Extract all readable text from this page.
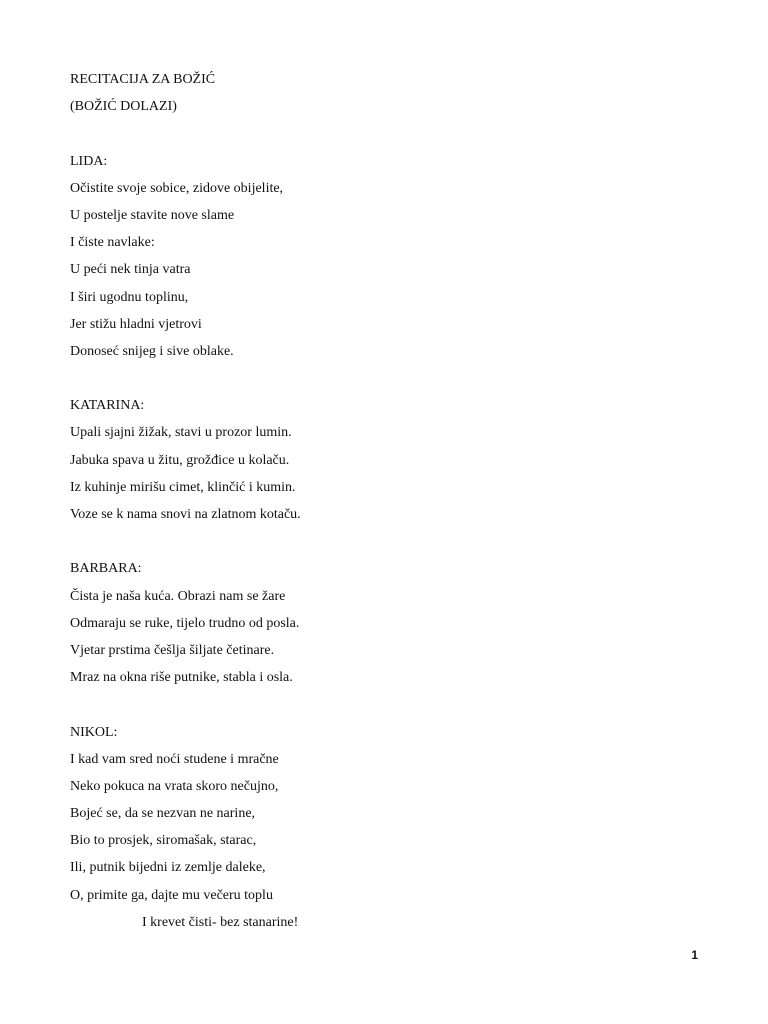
RECITACIJA ZA BOŽIĆ
(BOŽIĆ DOLAZI)
LIDA:
Očistite svoje sobice, zidove obijelite,
U postelje stavite nove slame
I čiste navlake:
U peći nek tinja vatra
I širi ugodnu toplinu,
Jer stižu hladni vjetrovi
Donoseć snijeg i sive oblake.
KATARINA:
Upali sjajni žižak, stavi u prozor lumin.
Jabuka spava u žitu, grožđice u kolaču.
Iz kuhinje mirišu cimet, klinčić i kumin.
Voze se k nama snovi na zlatnom kotaču.
BARBARA:
Čista je naša kuća. Obrazi nam se žare
Odmaraju se ruke, tijelo trudno od posla.
Vjetar prstima češlja šiljate četinare.
Mraz na okna riše putnike, stabla i osla.
NIKOL:
I kad vam sred noći studene i mračne
Neko pokuca na vrata skoro nečujno,
Bojeć se, da se nezvan ne narine,
Bio to prosjek, siromašak, starac,
Ili, putnik bijedni iz zemlje daleke,
O, primite ga, dajte mu večeru toplu
I krevet čisti- bez stanarine!
1
